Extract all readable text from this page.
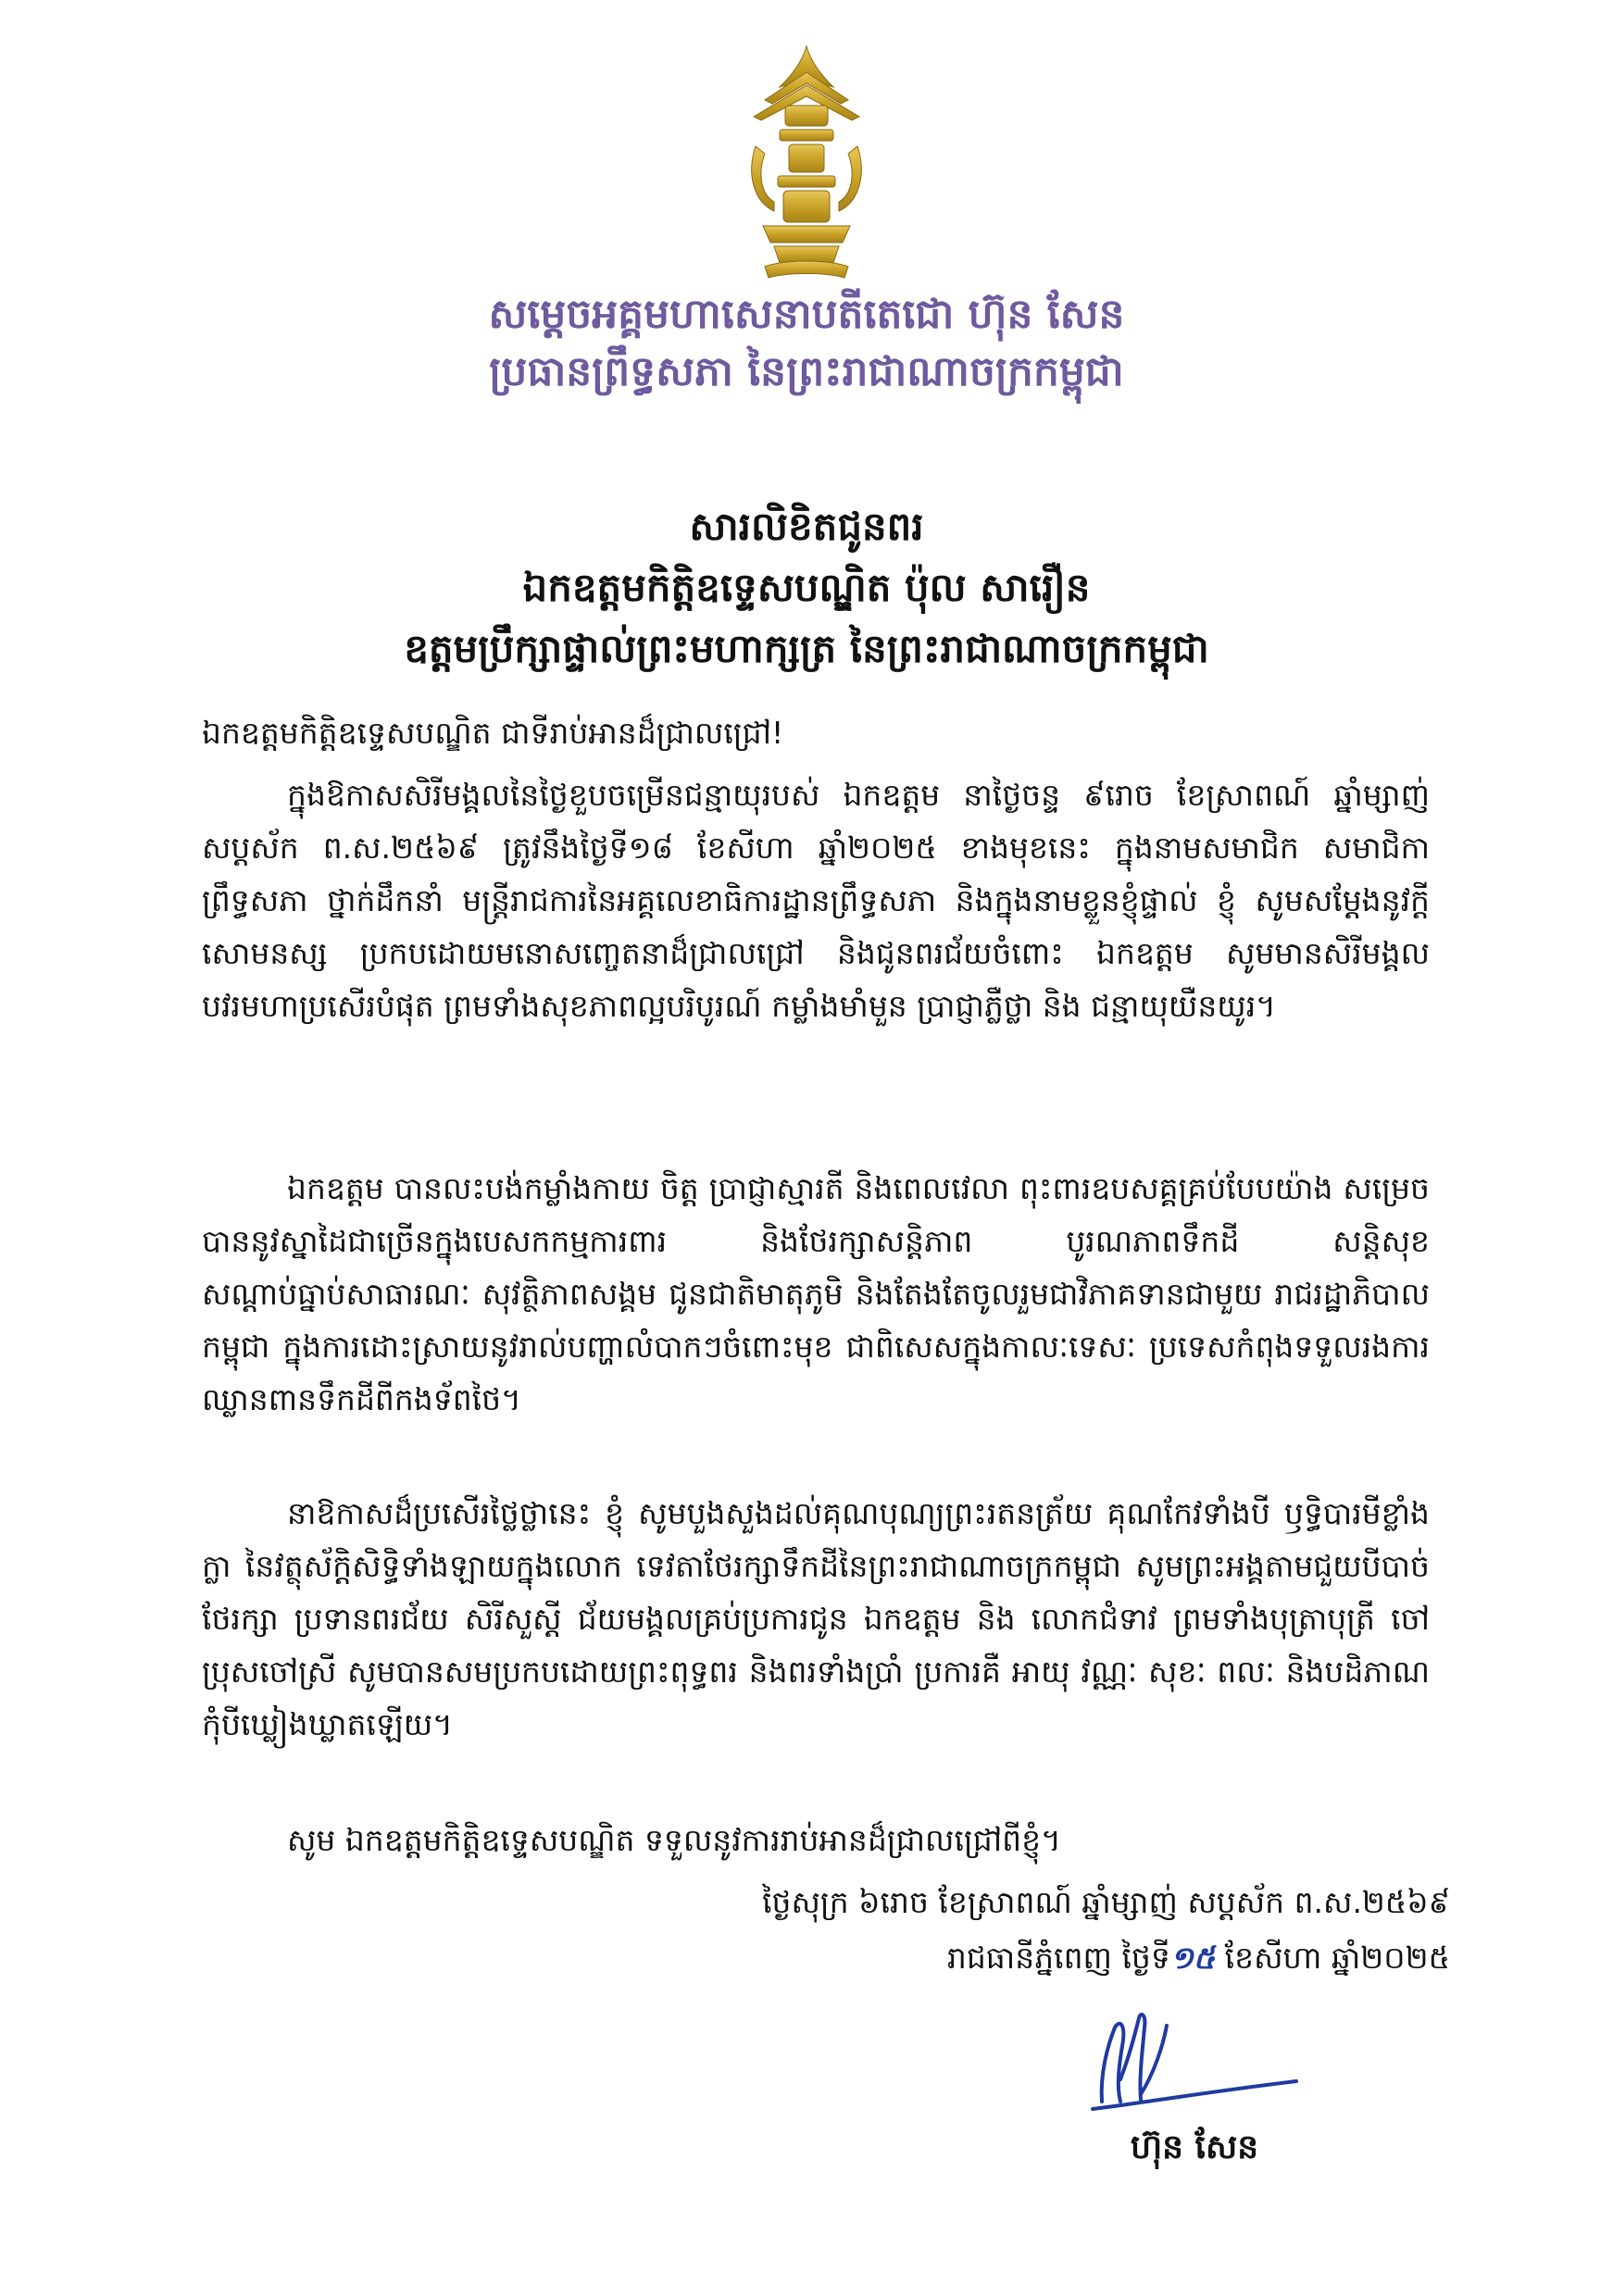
សម្ដេចអគ្គមហាសេនាបតីតេជោ ហ៊ុន សែន
ប្រធានព្រឹទ្ធសភា នៃព្រះរាជាណាចក្រកម្ពុជា
សារលិខិតជូនពរ
ឯកឧត្តមកិត្តិឧទ្ទេសបណ្ឌិត ប៉ុល សារឿន
ឧត្តមប្រឹក្សាផ្ទាល់ព្រះមហាក្សត្រ នៃព្រះរាជាណាចក្រកម្ពុជា
ឯកឧត្តមកិត្តិឧទ្ទេសបណ្ឌិត ជាទីរាប់អានដ៏ជ្រាលជ្រៅ!
ក្នុងឱកាសសិរីមង្គលនៃថ្ងៃខួបចម្រើនជន្មាយុរបស់ ឯកឧត្តម នាថ្ងៃចន្ទ ៩រោច ខែស្រាពណ៍ ឆ្នាំម្សាញ់ សប្តស័ក ព.ស.២៥៦៩ ត្រូវនឹងថ្ងៃទី១៨ ខែសីហា ឆ្នាំ២០២៥ ខាងមុខនេះ ក្នុងនាមសមាជិក សមាជិកាព្រឹទ្ធសភា ថ្នាក់ដឹកនាំ មន្ត្រីរាជការនៃអគ្គលេខាធិការដ្ឋានព្រឹទ្ធសភា និងក្នុងនាមខ្លួនខ្ញុំផ្ទាល់ ខ្ញុំ សូមសម្តែងនូវក្តីសោមនស្ស ប្រកបដោយមនោសញ្ចេតនាដ៏ជ្រាលជ្រៅ និងជូនពរជ័យចំពោះ ឯកឧត្តម សូមមានសិរីមង្គល បវរមហាប្រសើរបំផុត ព្រមទាំងសុខភាពល្អបរិបូរណ៍ កម្លាំងមាំមួន ប្រាជ្ញាភ្លឺថ្លា និង ជន្មាយុយឺនយូរ។
ឯកឧត្តម បានលះបង់កម្លាំងកាយ ចិត្ត ប្រាជ្ញាស្មារតី និងពេលវេលា ពុះពារឧបសគ្គគ្រប់បែបយ៉ាង សម្រេចបាននូវស្នាដៃជាច្រើនក្នុងបេសកកម្មការពារ និងថែរក្សាសន្តិភាព បូរណភាពទឹកដី សន្តិសុខ សណ្តាប់ធ្នាប់សាធារណៈ សុវត្ថិភាពសង្គម ជូនជាតិមាតុភូមិ និងតែងតែចូលរួមជាវិភាគទានជាមួយ រាជរដ្ឋាភិបាលកម្ពុជា ក្នុងការដោះស្រាយនូវរាល់បញ្ហាលំបាកៗចំពោះមុខ ជាពិសេសក្នុងកាលៈទេសៈ ប្រទេសកំពុងទទួលរងការឈ្លានពានទឹកដីពីកងទ័ពថៃ។
នាឱកាសដ៏ប្រសើរថ្លៃថ្លានេះ ខ្ញុំ សូមបួងសួងដល់គុណបុណ្យព្រះរតនត្រ័យ គុណកែវទាំងបី ឫទ្ធិបារមីខ្លាំងក្លា នៃវត្ថុស័ក្តិសិទ្ធិទាំងឡាយក្នុងលោក ទេវតាថែរក្សាទឹកដីនៃព្រះរាជាណាចក្រកម្ពុជា សូមព្រះអង្គតាមជួយបីបាច់ថែរក្សា ប្រទានពរជ័យ សិរីសួស្តី ជ័យមង្គលគ្រប់ប្រការជូន ឯកឧត្តម និង លោកជំទាវ ព្រមទាំងបុត្រាបុត្រី ចៅប្រុសចៅស្រី សូមបានសមប្រកបដោយព្រះពុទ្ធពរ និងពរទាំងប្រាំ ប្រការគឺ អាយុ វណ្ណៈ សុខៈ ពលៈ និងបដិភាណ កុំបីឃ្លៀងឃ្លាតឡើយ។
សូម ឯកឧត្តមកិត្តិឧទ្ទេសបណ្ឌិត ទទួលនូវការរាប់អានដ៏ជ្រាលជ្រៅពីខ្ញុំ។
ថ្ងៃសុក្រ ៦រោច ខែស្រាពណ៍ ឆ្នាំម្សាញ់ សប្តស័ក ព.ស.២៥៦៩
រាជធានីភ្នំពេញ ថ្ងៃទី១៥ ខែសីហា ឆ្នាំ២០២៥
ហ៊ុន សែន
